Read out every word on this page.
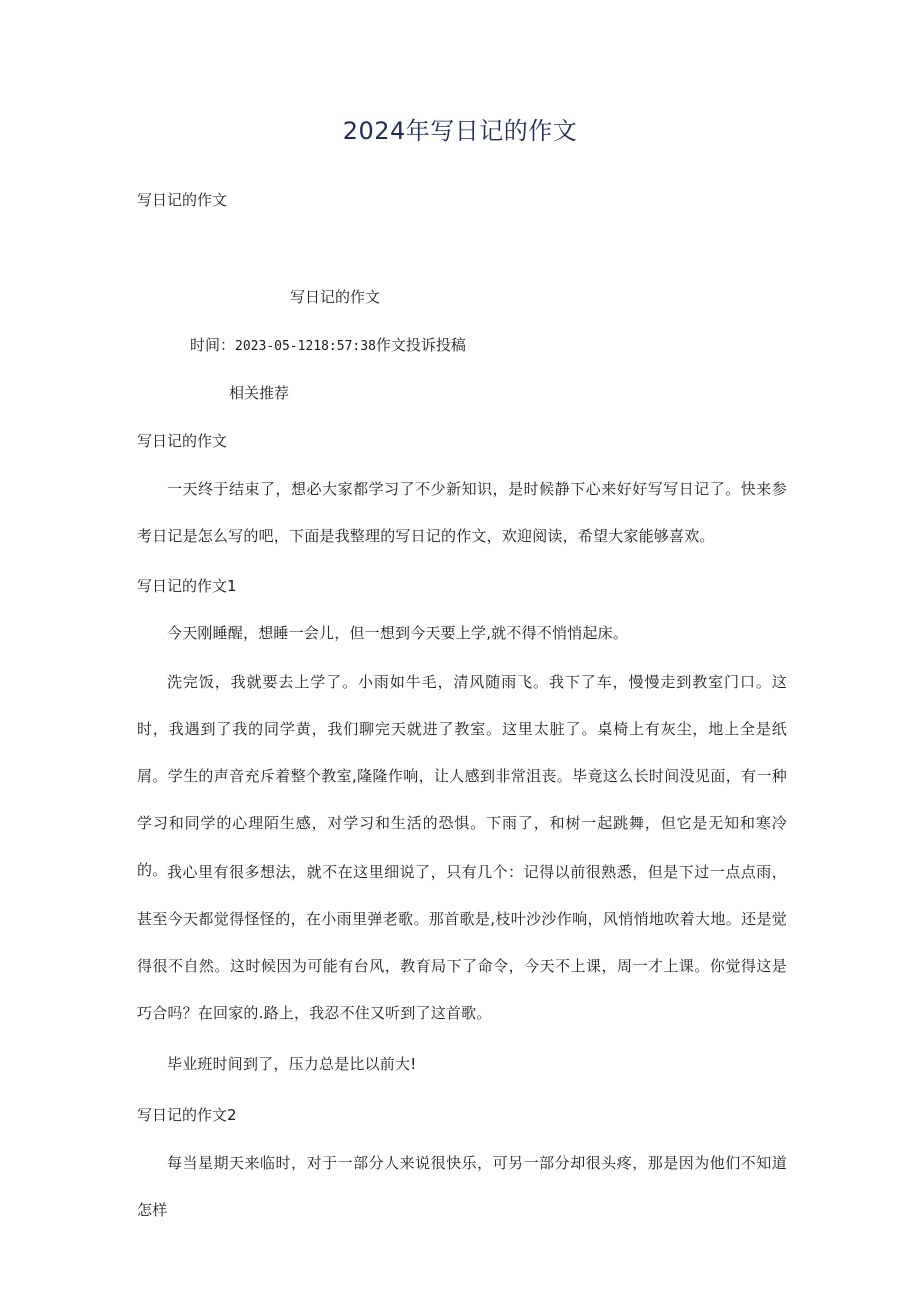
2024年写日记的作文
写日记的作文
写日记的作文
时间：2023-05-1218:57:38作文投诉投稿
相关推荐
写日记的作文
一天终于结束了，想必大家都学习了不少新知识，是时候静下心来好好写写日记了。快来参考日记是怎么写的吧，下面是我整理的写日记的作文，欢迎阅读，希望大家能够喜欢。
写日记的作文1
今天刚睡醒，想睡一会儿，但一想到今天要上学,就不得不悄悄起床。
洗完饭，我就要去上学了。小雨如牛毛，清风随雨飞。我下了车，慢慢走到教室门口。这时，我遇到了我的同学黄，我们聊完天就进了教室。这里太脏了。桌椅上有灰尘，地上全是纸屑。学生的声音充斥着整个教室,隆隆作响，让人感到非常沮丧。毕竟这么长时间没见面，有一种学习和同学的心理陌生感，对学习和生活的恐惧。下雨了，和树一起跳舞，但它是无知和寒冷的。 我心里有很多想法，就不在这里细说了，只有几个：记得以前很熟悉，但是下过一点点雨，甚至今天都觉得怪怪的，在小雨里弹老歌。那首歌是,枝叶沙沙作响，风悄悄地吹着大地。还是觉得很不自然。这时候因为可能有台风，教育局下了命令，今天不上课，周一才上课。你觉得这是巧合吗？在回家的.路上，我忍不住又听到了这首歌。
毕业班时间到了，压力总是比以前大!
写日记的作文2
每当星期天来临时，对于一部分人来说很快乐，可另一部分却很头疼，那是因为他们不知道怎样
